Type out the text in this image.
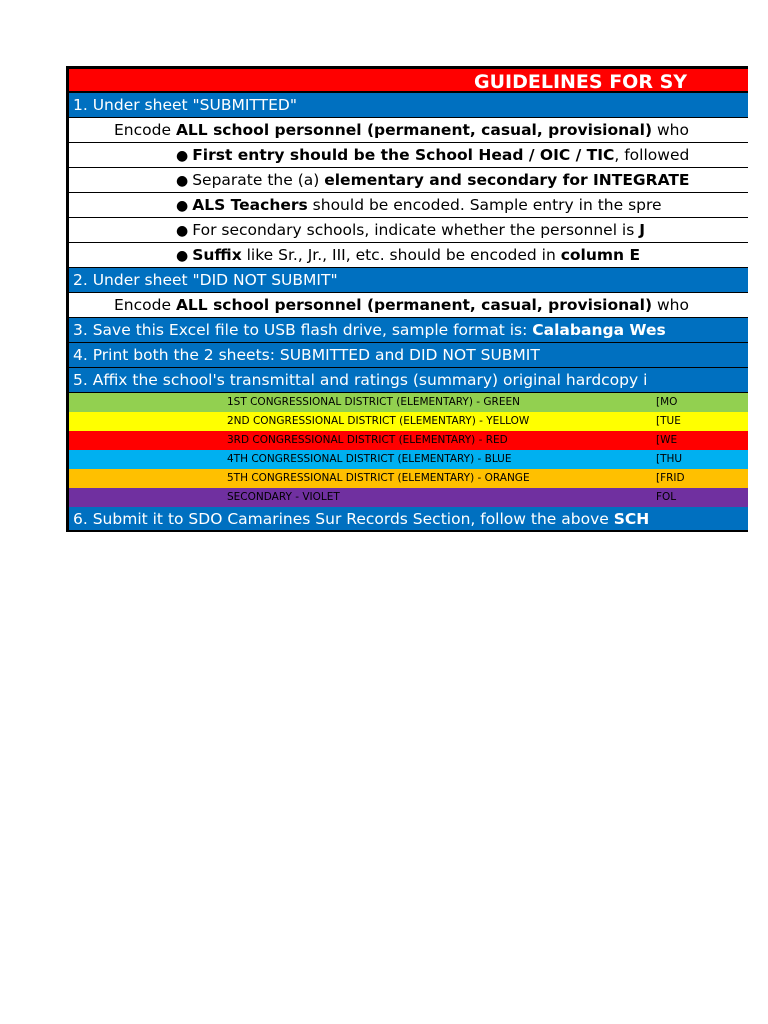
GUIDELINES FOR SY
1. Under sheet "SUBMITTED"
Encode ALL school personnel (permanent, casual, provisional) who
● First entry should be the School Head / OIC / TIC, followed
● Separate the (a) elementary and secondary for INTEGRATE
● ALS Teachers should be encoded. Sample entry in the spre
● For secondary schools, indicate whether the personnel is J
● Suffix like Sr., Jr., III, etc. should be encoded in column E
2. Under sheet "DID NOT SUBMIT"
Encode ALL school personnel (permanent, casual, provisional) who
3. Save this Excel file to USB flash drive, sample format is: Calabanga Wes
4. Print both the 2 sheets: SUBMITTED and DID NOT SUBMIT
5. Affix the school's transmittal and ratings (summary) original hardcopy i
1ST CONGRESSIONAL DISTRICT (ELEMENTARY) - GREEN	[MO
2ND CONGRESSIONAL DISTRICT (ELEMENTARY) - YELLOW	[TUE
3RD CONGRESSIONAL DISTRICT (ELEMENTARY) - RED	[WE
4TH CONGRESSIONAL DISTRICT (ELEMENTARY) - BLUE	[THU
5TH CONGRESSIONAL DISTRICT (ELEMENTARY) - ORANGE	[FRID
SECONDARY - VIOLET	FOL
6. Submit it to SDO Camarines Sur Records Section, follow the above SCH
